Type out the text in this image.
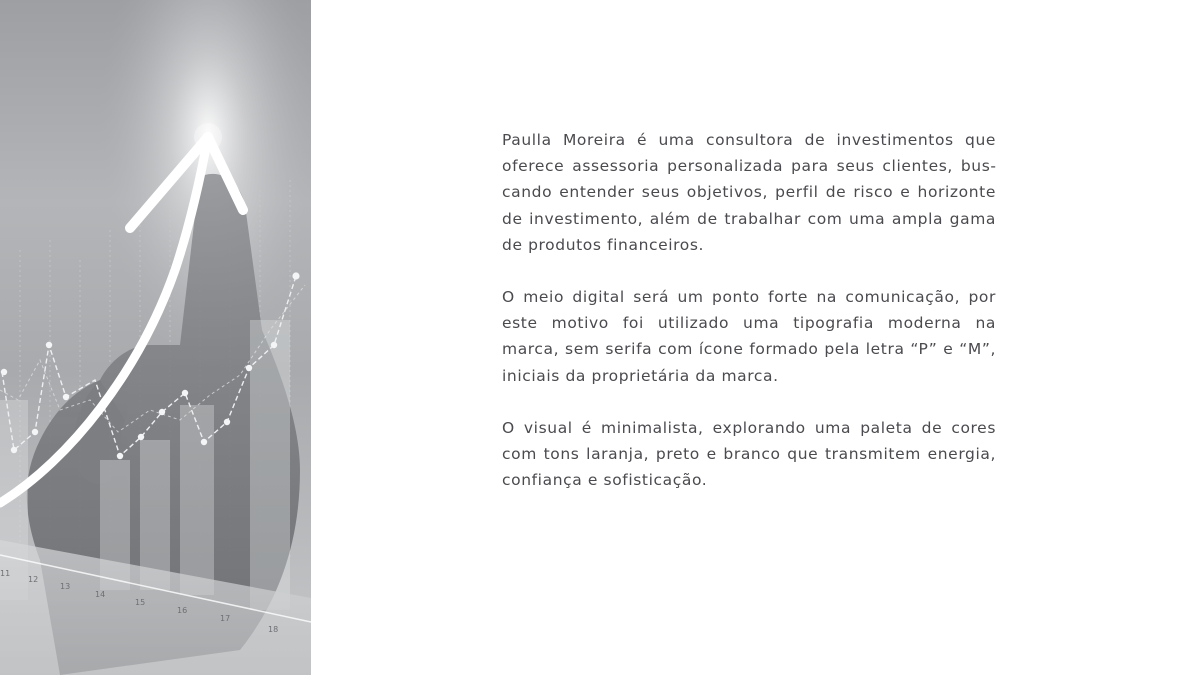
11
12
13
14
15
16
17
18

Paulla Moreira é uma consultora de investimentos que oferece assessoria personalizada para seus clientes, buscando entender seus objetivos, perfil de risco e horizonte de investimento, além de trabalhar com uma ampla gama de produtos financeiros.

O meio digital será um ponto forte na comunicação, por este motivo foi utilizado uma tipografia moderna na marca, sem serifa com ícone formado pela letra “P” e “M”, iniciais da proprietária da marca.

O visual é minimalista, explorando uma paleta de cores com tons laranja, preto e branco que transmitem energia, confiança e sofisticação.
